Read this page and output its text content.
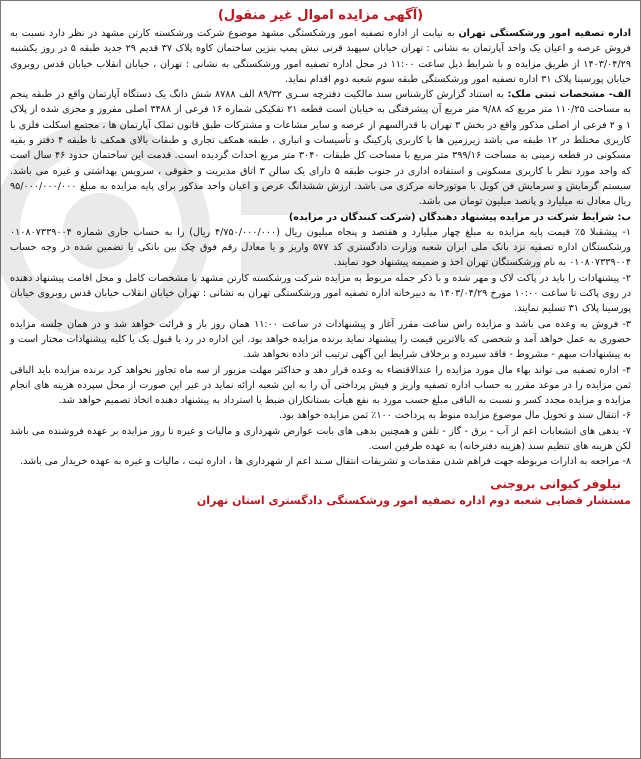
(آگهی مزایده اموال غیر منقول)

اداره تصفیه امور ورشکستگی تهران به نیابت از اداره تصفیه امور ورشکستگی مشهد موضوع شرکت ورشکسته کارتن مشهد در نظر دارد نسبت به فروش عرصه و اعیان یک واحد آپارتمان به نشانی : تهران خیابان سپهبد قرنی نبش پمپ بنزین ساختمان کاوه پلاک ۳۷ قدیم ۲۹ جدید طبقه ۵ در روز یکشنبه ۱۴۰۳/۰۴/۲۹ از طریق مزایده و با شرایط ذیل ساعت ۱۱:۰۰ در محل اداره تصفیه امور ورشکستگی به نشانی : تهران ، خیابان انقلاب خیابان قدس روبروی خیابان پورسینا پلاک ۳۱ اداره تصفیه امور ورشکستگی طبقه سوم شعبه دوم اقدام نماید.

الف- مشخصات ثبتی ملک: به استناد گزارش کارشناس سند مالکیت دفترچه سـری ۸۹/۳۲ الف ۸۷۸۸ شش دانگ یک دستگاه آپارتمان واقع در طبقه پنجم به مساحت ۱۱۰/۲۵ متر مربع که ۹/۸۸ متر مربع آن پیشرفتگی به خیابان است قطعه ۲۱ تفکیکی شماره ۱۶ فرعی از ۳۴۸۸ اصلی مفروز و مجزی شده از پلاک ۱ و ۲ فرعی از اصلی مذکور واقع در بخش ۳ تهران با قدرالسهم از عرصه و سایر مشاعات و مشترکات طبق قانون تملک آپارتمان ها ، مجتمع اسکلت فلزی با کاربری مختلط در ۱۲ طبقه می باشد زیرزمین ها با کاربری پارکینگ و تأسیسات و انباری ، طبقه همکف تجاری و طبقات بالای همکف تا طبقه ۴ دفتر و بقیه مسکونی در قطعه زمینی به مساحت ۳۹۹/۱۶ متر مربع با مساحت کل طبقات ۳۰۴۰ متر مربع احداث گردیده است. قدمت این ساختمان حدود ۴۶ سال است که واحد مورد نظر با کاربری مسکونی و استفاده اداری در جنوب طبقه ۵ دارای یک سالن ۳ اتاق مدیریت و حقوقی ، سرویس بهداشتی و غیره می باشد. سیستم گرمایش و سرمایش فن کویل با موتورخانه مرکزی می باشد. ارزش ششدانگ عرص و اعیان واحد مذکور برای پایه مزایده به مبلغ ۹۵/۰۰۰/۰۰۰/۰۰۰ ریال معادل نه میلیارد و پانصد میلیون تومان می باشد.

ب: شرایط شرکت در مزایده پیشنهاد دهندگان (شرکت کنندگان در مزایده)

۱- پیشقبلا ۵٪ قیمت پایه مزایده به مبلغ چهار میلیارد و هفتصد و پنجاه میلیون ریال (۴/۷۵۰/۰۰۰/۰۰۰ ریال) را به حساب جاری شماره ۰۱۰۸۰۷۳۳۹۰۰۴ ورشکستگان اداره تصفیه نزد بانک ملی ایران شعبه وزارت دادگستری کد ۵۷۷ واریز و یا معادل رقم فوق چک بین بانکی یا تضمین شده در وجه حساب ۰۱۰۸۰۷۳۳۹۰۰۴ به نام ورشکستگان تهران اخذ و ضمیمه پیشنهاد خود نمایند.

۲- پیشنهادات را باید در پاکت لاک و مهر شده و با ذکر جمله مربوط به مزایده شرکت ورشکسته کارتن مشهد با مشخصات کامل و محل اقامت پیشنهاد دهنده در روی پاکت تا ساعت ۱۰:۰۰ مورخ ۱۴۰۳/۰۴/۲۹ به دبیرخانه اداره تصفیه امور ورشکستگی تهران به نشانی : تهران خیابان انقلاب خیابان قدس روبروی خیابان پورسینا پلاک ۳۱ تسلیم نمایند.

۳- فروش به وعده می باشد و مزایده راس ساعت مقرر آغاز و پیشنهادات در ساعت ۱۱:۰۰ همان روز باز و قرائت خواهد شد و در همان جلسه مزایده حضوری به عمل خواهد آمد و شخصی که بالاترین قیمت را پیشنهاد نماید برنده مزایده خواهد بود. این اداره در رد یا قبول یک یا کلیه پیشنهادات مختار است و به پیشنهادات مبهم - مشروط - فاقد سپرده و برخلاف شرایط این آگهی ترتیب اثر داده نخواهد شد.

۴- اداره تصفیه می تواند بهاء مال مورد مزایده را عندالاقتضاء به وعده قرار دهد و حداکثر مهلت مزبور از سه ماه تجاوز نخواهد کرد برنده مزایده باید الباقی ثمن مزایده را در موعد مقرر به حساب اداره تصفیه واریز و فیش پرداختی آن را به این شعبه ارائه نماید در غیر این صورت از محل سپرده هزینه های انجام مزایده و مزایده مجدد کسر و نسبت به الباقی مبلغ حسب مورد به نفع هیأت بستانکاران ضبط یا استرداد به پیشنهاد دهنده اتخاذ تصمیم خواهد شد.

۶- انتقال سند و تحویل مال موضوع مزایده منوط به پرداخت ۱۰۰٪ ثمن مزایده خواهد بود.

۷- بدهی های انشعابات اعم از آب - برق - گاز - تلفن و همچنین بدهی های بابت عوارض شهرداری و مالیات و غیره تا روز مزایده بر عهده فروشنده می باشد لکن هزینه های تنظیم سند (هزینه دفترخانه) به عهده طرفین است.

۸- مراجعه به ادارات مربوطه جهت فراهم شدن مقدمات و تشریفات انتقال سـند اعم از شهرداری ها ، اداره ثبت ، مالیات و غیره به عهده خریدار می باشد.

نیلوفر کیوانی بروجنی
مستشار قضایی شعبه دوم اداره تصفیه امور ورشکستگی دادگستری استان تهران
